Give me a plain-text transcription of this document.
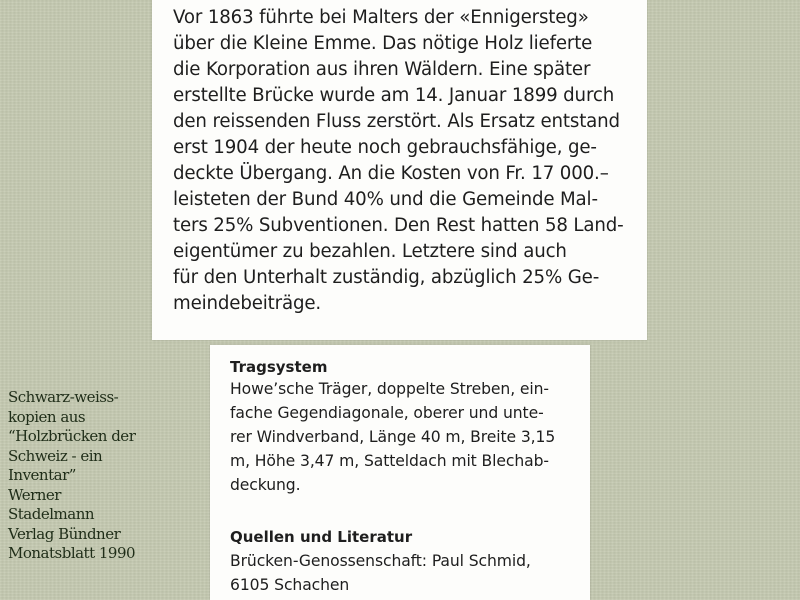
Vor 1863 führte bei Malters der «Ennigersteg»
über die Kleine Emme. Das nötige Holz lieferte
die Korporation aus ihren Wäldern. Eine später
erstellte Brücke wurde am 14. Januar 1899 durch
den reissenden Fluss zerstört. Als Ersatz entstand
erst 1904 der heute noch gebrauchsfähige, ge-
deckte Übergang. An die Kosten von Fr. 17 000.–
leisteten der Bund 40% und die Gemeinde Mal-
ters 25% Subventionen. Den Rest hatten 58 Land-
eigentümer zu bezahlen. Letztere sind auch
für den Unterhalt zuständig, abzüglich 25% Ge-
meindebeiträge.
Tragsystem
Howe’sche Träger, doppelte Streben, ein-
fache Gegendiagonale, oberer und unte-
rer Windverband, Länge 40 m, Breite 3,15
m, Höhe 3,47 m, Satteldach mit Blechab-
deckung.
Quellen und Literatur
Brücken-Genossenschaft: Paul Schmid,
6105 Schachen
Schwarz-weiss-
kopien aus
“Holzbrücken der
Schweiz - ein
Inventar”
Werner
Stadelmann
Verlag Bündner
Monatsblatt 1990
